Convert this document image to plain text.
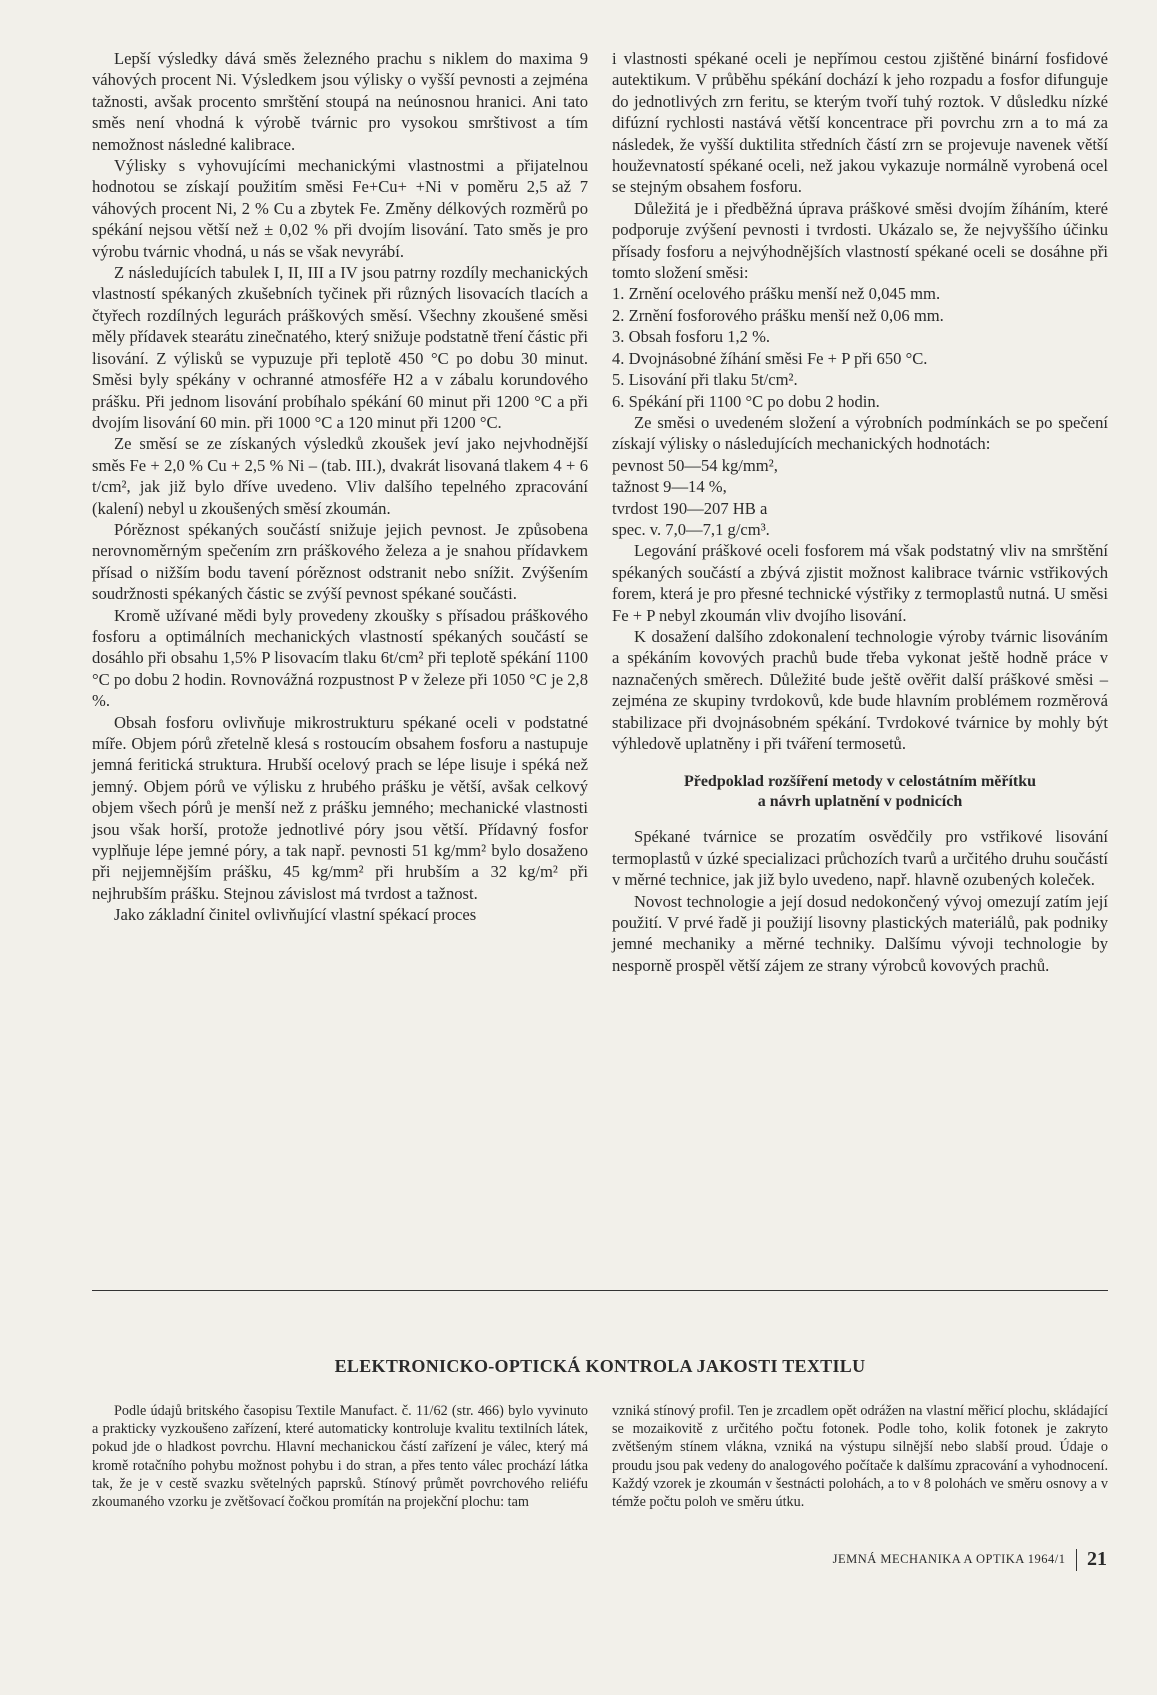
Lepší výsledky dává směs železného prachu s niklem do maxima 9 váhových procent Ni. Výsledkem jsou výlisky o vyšší pevnosti a zejména tažnosti, avšak procento smrštění stoupá na neúnosnou hranici. Ani tato směs není vhodná k výrobě tvárnic pro vysokou smrštivost a tím nemožnost následné kalibrace.

Výlisky s vyhovujícími mechanickými vlastnostmi a přijatelnou hodnotou se získají použitím směsi Fe+Cu+ +Ni v poměru 2,5 až 7 váhových procent Ni, 2 % Cu a zbytek Fe. Změny délkových rozměrů po spékání nejsou větší než ± 0,02 % při dvojím lisování. Tato směs je pro výrobu tvárnic vhodná, u nás se však nevyrábí.

Z následujících tabulek I, II, III a IV jsou patrny rozdíly mechanických vlastností spékaných zkušebních tyčinek při různých lisovacích tlacích a čtyřech rozdílných legurách práškových směsí. Všechny zkoušené směsi měly přídavek stearátu zinečnatého, který snižuje podstatně tření částic při lisování. Z výlisků se vypuzuje při teplotě 450 °C po dobu 30 minut. Směsi byly spékány v ochranné atmosféře H2 a v zábalu korundového prášku. Při jednom lisování probíhalo spékání 60 minut při 1200 °C a při dvojím lisování 60 min. při 1000 °C a 120 minut při 1200 °C.

Ze směsí se ze získaných výsledků zkoušek jeví jako nejvhodnější směs Fe + 2,0 % Cu + 2,5 % Ni – (tab. III.), dvakrát lisovaná tlakem 4 + 6 t/cm², jak již bylo dříve uvedeno. Vliv dalšího tepelného zpracování (kalení) nebyl u zkoušených směsí zkoumán.

Pórěznost spékaných součástí snižuje jejich pevnost. Je způsobena nerovnoměrným spečením zrn práškového železa a je snahou přídavkem přísad o nižším bodu tavení pórěznost odstranit nebo snížit. Zvýšením soudržnosti spékaných částic se zvýší pevnost spékané součásti.

Kromě užívané mědi byly provedeny zkoušky s přísadou práškového fosforu a optimálních mechanických vlastností spékaných součástí se dosáhlo při obsahu 1,5% P lisovacím tlaku 6t/cm² při teplotě spékání 1100 °C po dobu 2 hodin. Rovnovážná rozpustnost P v železe při 1050 °C je 2,8 %.

Obsah fosforu ovlivňuje mikrostrukturu spékané oceli v podstatné míře. Objem pórů zřetelně klesá s rostoucím obsahem fosforu a nastupuje jemná feritická struktura. Hrubší ocelový prach se lépe lisuje i spéká než jemný. Objem pórů ve výlisku z hrubého prášku je větší, avšak celkový objem všech pórů je menší než z prášku jemného; mechanické vlastnosti jsou však horší, protože jednotlivé póry jsou větší. Přídavný fosfor vyplňuje lépe jemné póry, a tak např. pevnosti 51 kg/mm² bylo dosaženo při nejjemnějším prášku, 45 kg/mm² při hrubším a 32 kg/m² při nejhrubším prášku. Stejnou závislost má tvrdost a tažnost.

Jako základní činitel ovlivňující vlastní spékací proces

i vlastnosti spékané oceli je nepřímou cestou zjištěné binární fosfidové autektikum. V průběhu spékání dochází k jeho rozpadu a fosfor difunguje do jednotlivých zrn feritu, se kterým tvoří tuhý roztok. V důsledku nízké difúzní rychlosti nastává větší koncentrace při povrchu zrn a to má za následek, že vyšší duktilita středních částí zrn se projevuje navenek větší houževnatostí spékané oceli, než jakou vykazuje normálně vyrobená ocel se stejným obsahem fosforu.

Důležitá je i předběžná úprava práškové směsi dvojím žíháním, které podporuje zvýšení pevnosti i tvrdosti. Ukázalo se, že nejvyššího účinku přísady fosforu a nejvýhodnějších vlastností spékané oceli se dosáhne při tomto složení směsi:

1. Zrnění ocelového prášku menší než 0,045 mm.

2. Zrnění fosforového prášku menší než 0,06 mm.

3. Obsah fosforu 1,2 %.

4. Dvojnásobné žíhání směsi Fe + P při 650 °C.

5. Lisování při tlaku 5t/cm².

6. Spékání při 1100 °C po dobu 2 hodin.

Ze směsi o uvedeném složení a výrobních podmínkách se po spečení získají výlisky o následujících mechanických hodnotách:

pevnost 50—54 kg/mm²,

tažnost 9—14 %,

tvrdost 190—207 HB a

spec. v. 7,0—7,1 g/cm³.

Legování práškové oceli fosforem má však podstatný vliv na smrštění spékaných součástí a zbývá zjistit možnost kalibrace tvárnic vstřikových forem, která je pro přesné technické výstřiky z termoplastů nutná. U směsi Fe + P nebyl zkoumán vliv dvojího lisování.

K dosažení dalšího zdokonalení technologie výroby tvárnic lisováním a spékáním kovových prachů bude třeba vykonat ještě hodně práce v naznačených směrech. Důležité bude ještě ověřit další práškové směsi – zejména ze skupiny tvrdokovů, kde bude hlavním problémem rozměrová stabilizace při dvojnásobném spékání. Tvrdokové tvárnice by mohly být výhledově uplatněny i při tváření termosetů.

Předpoklad rozšíření metody v celostátním měřítku
a návrh uplatnění v podnicích

Spékané tvárnice se prozatím osvědčily pro vstřikové lisování termoplastů v úzké specializaci průchozích tvarů a určitého druhu součástí v měrné technice, jak již bylo uvedeno, např. hlavně ozubených koleček.

Novost technologie a její dosud nedokončený vývoj omezují zatím její použití. V prvé řadě ji použijí lisovny plastických materiálů, pak podniky jemné mechaniky a měrné techniky. Dalšímu vývoji technologie by nesporně prospěl větší zájem ze strany výrobců kovových prachů.

ELEKTRONICKO-OPTICKÁ KONTROLA JAKOSTI TEXTILU

Podle údajů britského časopisu Textile Manufact. č. 11/62 (str. 466) bylo vyvinuto a prakticky vyzkoušeno zařízení, které automaticky kontroluje kvalitu textilních látek, pokud jde o hladkost povrchu. Hlavní mechanickou částí zařízení je válec, který má kromě rotačního pohybu možnost pohybu i do stran, a přes tento válec prochází látka tak, že je v cestě svazku světelných paprsků. Stínový průmět povrchového reliéfu zkoumaného vzorku je zvětšovací čočkou promítán na projekční plochu: tam

vzniká stínový profil. Ten je zrcadlem opět odrážen na vlastní měřicí plochu, skládající se mozaikovitě z určitého počtu fotonek. Podle toho, kolik fotonek je zakryto zvětšeným stínem vlákna, vzniká na výstupu silnější nebo slabší proud. Údaje o proudu jsou pak vedeny do analogového počítače k dalšímu zpracování a vyhodnocení. Každý vzorek je zkoumán v šestnácti polohách, a to v 8 polohách ve směru osnovy a v témže počtu poloh ve směru útku.

JEMNÁ MECHANIKA A OPTIKA 1964/1 21
